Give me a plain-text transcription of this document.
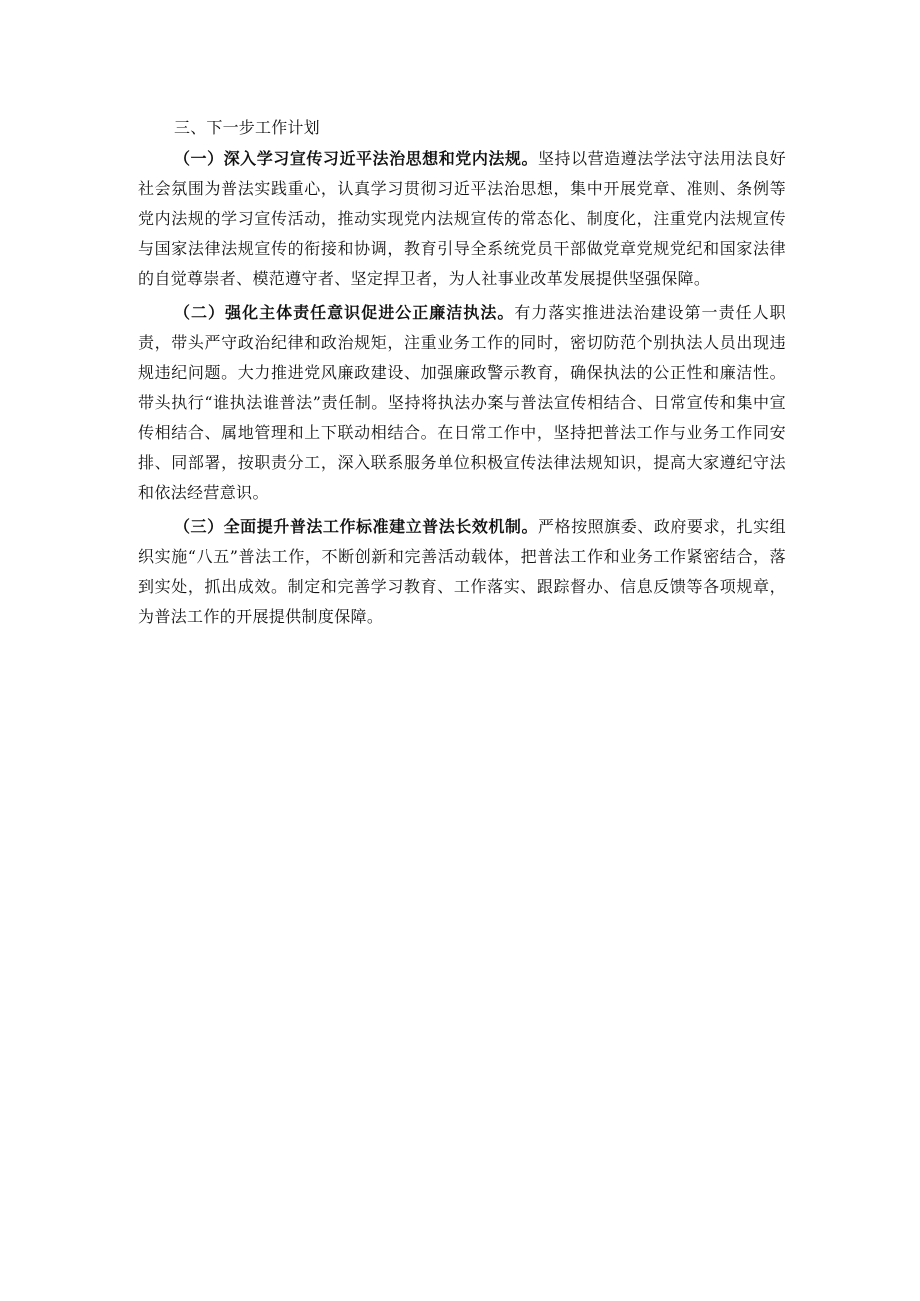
三、下一步工作计划

（一）深入学习宣传习近平法治思想和党内法规。坚持以营造遵法学法守法用法良好社会氛围为普法实践重心，认真学习贯彻习近平法治思想，集中开展党章、准则、条例等党内法规的学习宣传活动，推动实现党内法规宣传的常态化、制度化，注重党内法规宣传与国家法律法规宣传的衔接和协调，教育引导全系统党员干部做党章党规党纪和国家法律的自觉尊崇者、模范遵守者、坚定捍卫者，为人社事业改革发展提供坚强保障。

（二）强化主体责任意识促进公正廉洁执法。有力落实推进法治建设第一责任人职责，带头严守政治纪律和政治规矩，注重业务工作的同时，密切防范个别执法人员出现违规违纪问题。大力推进党风廉政建设、加强廉政警示教育，确保执法的公正性和廉洁性。带头执行“谁执法谁普法”责任制。坚持将执法办案与普法宣传相结合、日常宣传和集中宣传相结合、属地管理和上下联动相结合。在日常工作中，坚持把普法工作与业务工作同安排、同部署，按职责分工，深入联系服务单位积极宣传法律法规知识，提高大家遵纪守法和依法经营意识。

（三）全面提升普法工作标准建立普法长效机制。严格按照旗委、政府要求，扎实组织实施“八五”普法工作，不断创新和完善活动载体，把普法工作和业务工作紧密结合，落到实处，抓出成效。制定和完善学习教育、工作落实、跟踪督办、信息反馈等各项规章，为普法工作的开展提供制度保障。
